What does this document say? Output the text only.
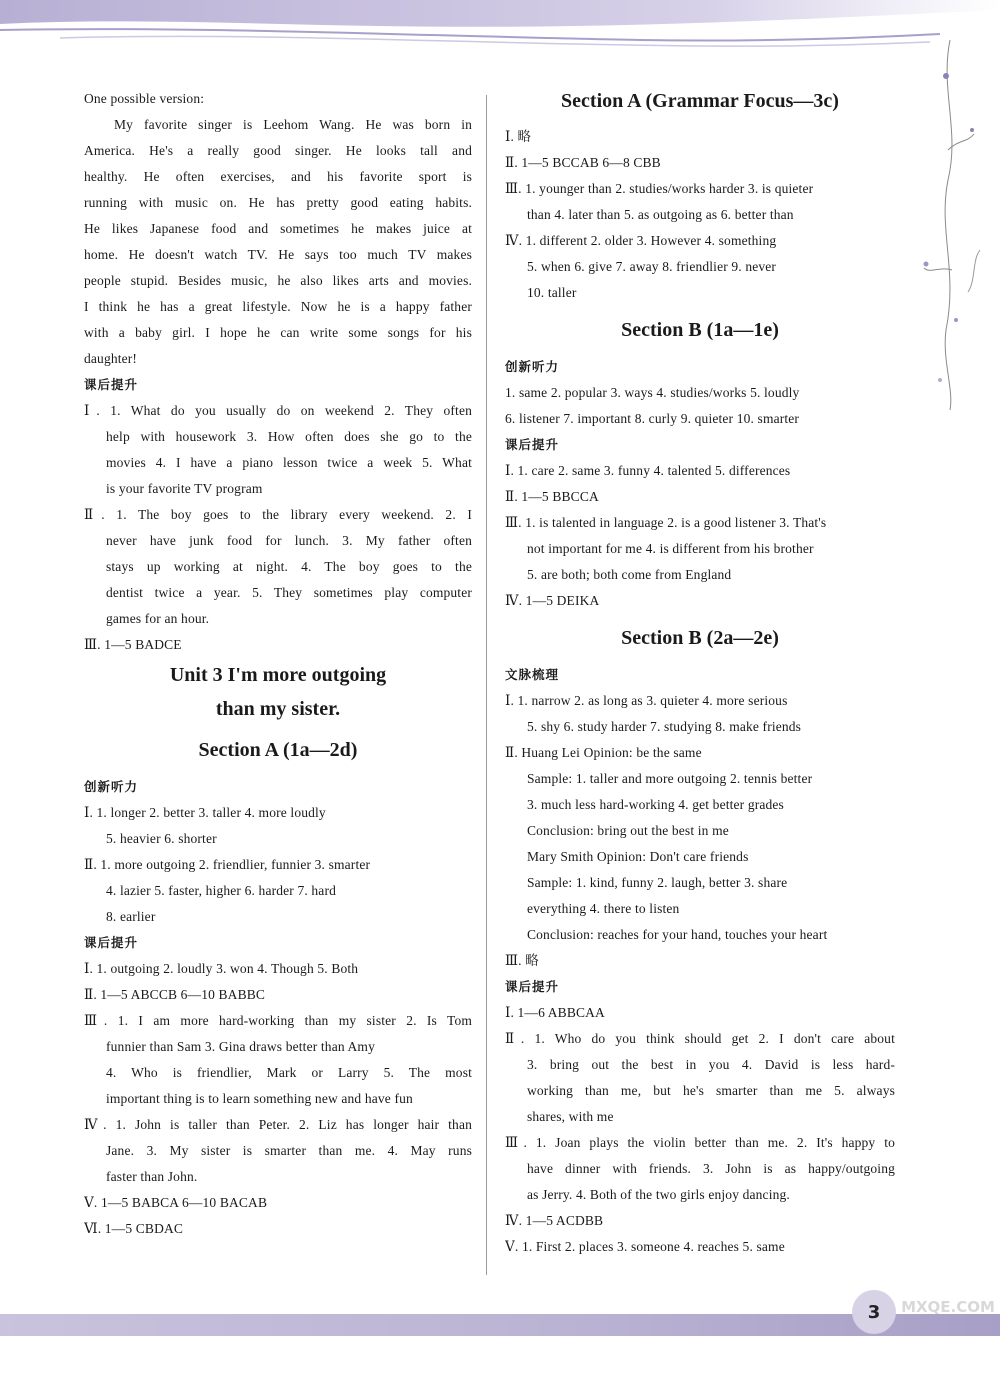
One possible version:
My favorite singer is Leehom Wang. He was born in
America. He's a really good singer. He looks tall and
healthy. He often exercises, and his favorite sport is
running with music on. He has pretty good eating habits.
He likes Japanese food and sometimes he makes juice at
home. He doesn't watch TV. He says too much TV makes
people stupid. Besides music, he also likes arts and movies.
I think he has a great lifestyle. Now he is a happy father
with a baby girl. I hope he can write some songs for his
daughter!
课后提升
Ⅰ. 1. What do you usually do on weekend 2. They often
help with housework 3. How often does she go to the
movies 4. I have a piano lesson twice a week 5. What
is your favorite TV program
Ⅱ. 1. The boy goes to the library every weekend. 2. I
never have junk food for lunch. 3. My father often
stays up working at night. 4. The boy goes to the
dentist twice a year. 5. They sometimes play computer
games for an hour.
Ⅲ. 1—5 BADCE
Unit 3 I'm more outgoing
than my sister.
Section A (1a—2d)
创新听力
Ⅰ. 1. longer 2. better 3. taller 4. more loudly
5. heavier 6. shorter
Ⅱ. 1. more outgoing 2. friendlier, funnier 3. smarter
4. lazier 5. faster, higher 6. harder 7. hard
8. earlier
课后提升
Ⅰ. 1. outgoing 2. loudly 3. won 4. Though 5. Both
Ⅱ. 1—5 ABCCB 6—10 BABBC
Ⅲ. 1. I am more hard-working than my sister 2. Is Tom
funnier than Sam 3. Gina draws better than Amy
4. Who is friendlier, Mark or Larry 5. The most
important thing is to learn something new and have fun
Ⅳ. 1. John is taller than Peter. 2. Liz has longer hair than
Jane. 3. My sister is smarter than me. 4. May runs
faster than John.
Ⅴ. 1—5 BABCA 6—10 BACAB
Ⅵ. 1—5 CBDAC
Section A (Grammar Focus—3c)
Ⅰ. 略
Ⅱ. 1—5 BCCAB 6—8 CBB
Ⅲ. 1. younger than 2. studies/works harder 3. is quieter
than 4. later than 5. as outgoing as 6. better than
Ⅳ. 1. different 2. older 3. However 4. something
5. when 6. give 7. away 8. friendlier 9. never
10. taller
Section B (1a—1e)
创新听力
1. same 2. popular 3. ways 4. studies/works 5. loudly
6. listener 7. important 8. curly 9. quieter 10. smarter
课后提升
Ⅰ. 1. care 2. same 3. funny 4. talented 5. differences
Ⅱ. 1—5 BBCCA
Ⅲ. 1. is talented in language 2. is a good listener 3. That's
not important for me 4. is different from his brother
5. are both; both come from England
Ⅳ. 1—5 DEIKA
Section B (2a—2e)
文脉梳理
Ⅰ. 1. narrow 2. as long as 3. quieter 4. more serious
5. shy 6. study harder 7. studying 8. make friends
Ⅱ. Huang Lei Opinion: be the same
Sample: 1. taller and more outgoing 2. tennis better
3. much less hard-working 4. get better grades
Conclusion: bring out the best in me
Mary Smith Opinion: Don't care friends
Sample: 1. kind, funny 2. laugh, better 3. share
everything 4. there to listen
Conclusion: reaches for your hand, touches your heart
Ⅲ. 略
课后提升
Ⅰ. 1—6 ABBCAA
Ⅱ. 1. Who do you think should get 2. I don't care about
3. bring out the best in you 4. David is less hard-
working than me, but he's smarter than me 5. always
shares, with me
Ⅲ. 1. Joan plays the violin better than me. 2. It's happy to
have dinner with friends. 3. John is as happy/outgoing
as Jerry. 4. Both of the two girls enjoy dancing.
Ⅳ. 1—5 ACDBB
Ⅴ. 1. First 2. places 3. someone 4. reaches 5. same
3	MXQE.COM
